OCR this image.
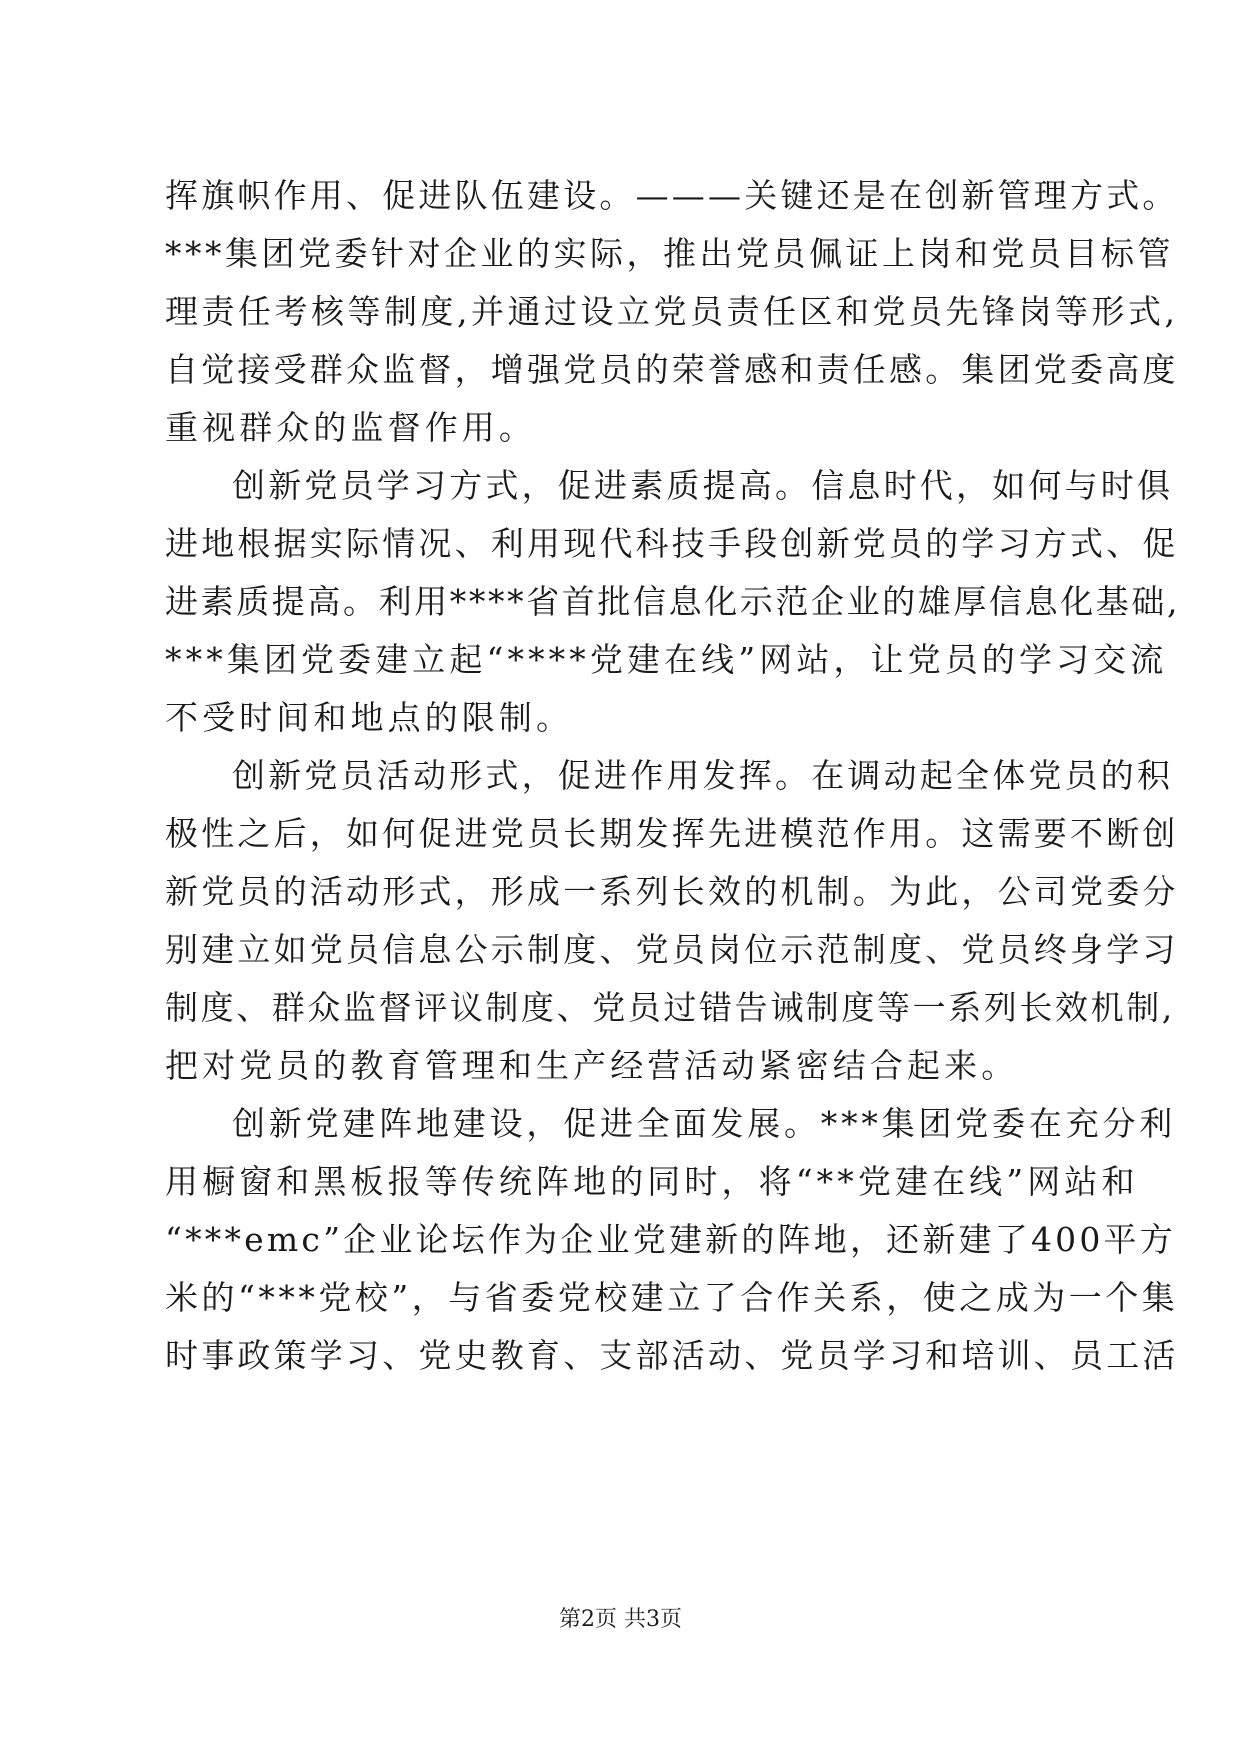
挥旗帜作用、促进队伍建设。———关键还是在创新管理方式。
***集团党委针对企业的实际，推出党员佩证上岗和党员目标管
理责任考核等制度,并通过设立党员责任区和党员先锋岗等形式,
自觉接受群众监督，增强党员的荣誉感和责任感。集团党委高度
重视群众的监督作用。
创新党员学习方式，促进素质提高。信息时代，如何与时俱
进地根据实际情况、利用现代科技手段创新党员的学习方式、促
进素质提高。利用****省首批信息化示范企业的雄厚信息化基础,
***集团党委建立起“****党建在线”网站，让党员的学习交流
不受时间和地点的限制。
创新党员活动形式，促进作用发挥。在调动起全体党员的积
极性之后，如何促进党员长期发挥先进模范作用。这需要不断创
新党员的活动形式，形成一系列长效的机制。为此，公司党委分
别建立如党员信息公示制度、党员岗位示范制度、党员终身学习
制度、群众监督评议制度、党员过错告诫制度等一系列长效机制,
把对党员的教育管理和生产经营活动紧密结合起来。
创新党建阵地建设，促进全面发展。***集团党委在充分利
用橱窗和黑板报等传统阵地的同时，将“**党建在线”网站和
“***emc”企业论坛作为企业党建新的阵地，还新建了400平方
米的“***党校”，与省委党校建立了合作关系，使之成为一个集
时事政策学习、党史教育、支部活动、党员学习和培训、员工活
第2页 共3页
